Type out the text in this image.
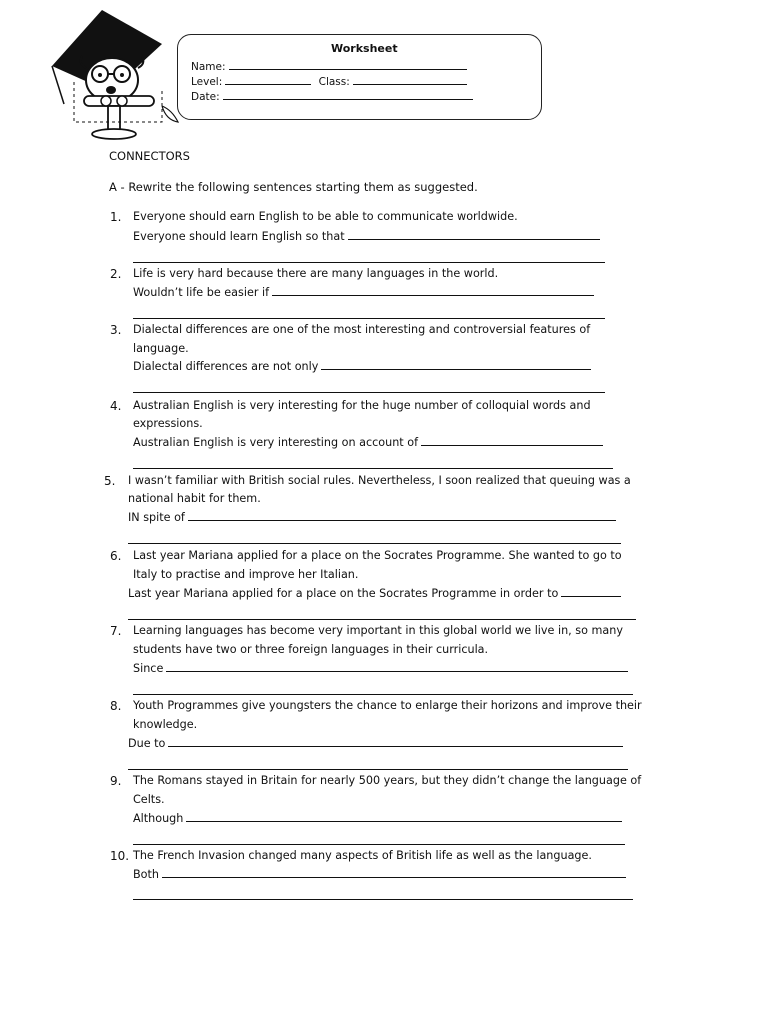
Worksheet
Name:
Level:	Class:
Date:
CONNECTORS
A - Rewrite the following sentences starting them as suggested.
1. Everyone should earn English to be able to communicate worldwide.
Everyone should learn English so that
2. Life is very hard because there are many languages in the world.
Wouldn’t life be easier if
3. Dialectal differences are one of the most interesting and controversial features of
language.
Dialectal differences are not only
4. Australian English is very interesting for the huge number of colloquial words and
expressions.
Australian English is very interesting on account of
5. I wasn’t familiar with British social rules. Nevertheless, I soon realized that queuing was a
national habit for them.
IN spite of
6. Last year Mariana applied for a place on the Socrates Programme. She wanted to go to
Italy to practise and improve her Italian.
Last year Mariana applied for a place on the Socrates Programme in order to
7. Learning languages has become very important in this global world we live in, so many
students have two or three foreign languages in their curricula.
Since
8. Youth Programmes give youngsters the chance to enlarge their horizons and improve their
knowledge.
Due to
9. The Romans stayed in Britain for nearly 500 years, but they didn’t change the language of
Celts.
Although
10. The French Invasion changed many aspects of British life as well as the language.
Both
